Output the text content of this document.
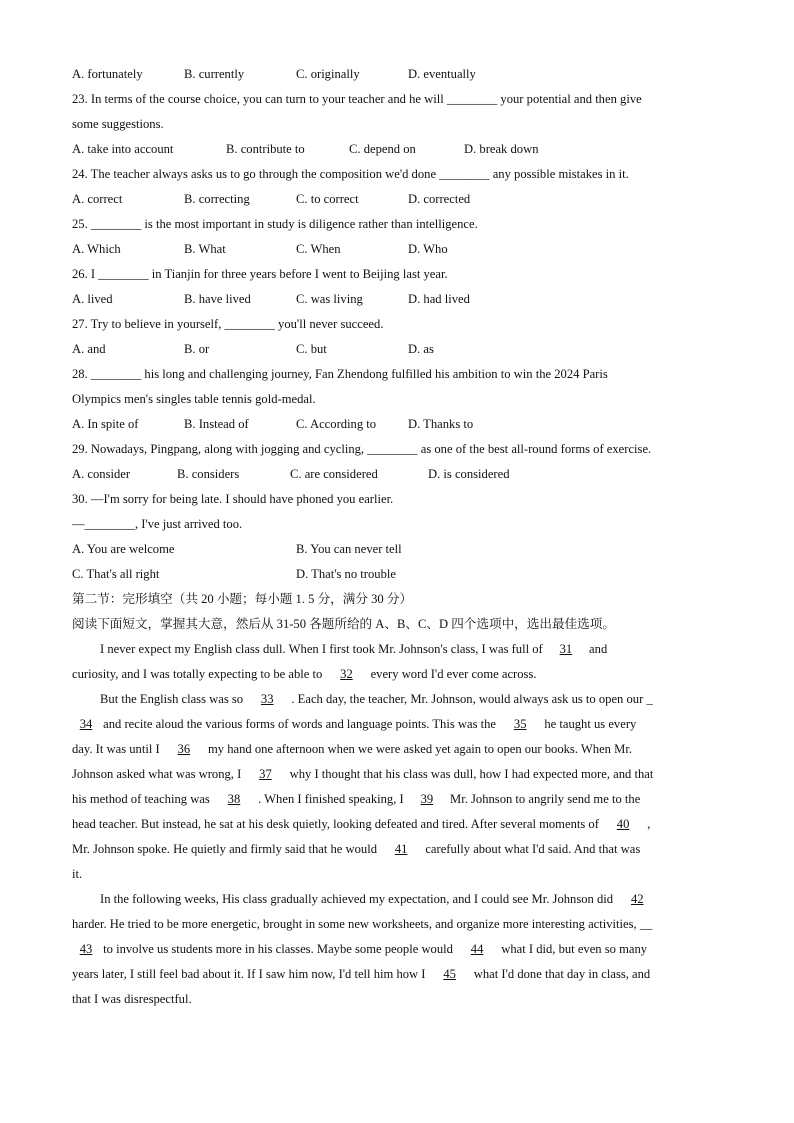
A. fortunately	B. currently	C. originally	D. eventually
23. In terms of the course choice, you can turn to your teacher and he will ________ your potential and then give
some suggestions.
A. take into account	B. contribute to	C. depend on	D. break down
24. The teacher always asks us to go through the composition we'd done ________ any possible mistakes in it.
A. correct	B. correcting	C. to correct	D. corrected
25. ________ is the most important in study is diligence rather than intelligence.
A. Which	B. What	C. When	D. Who
26. I ________ in Tianjin for three years before I went to Beijing last year.
A. lived	B. have lived	C. was living	D. had lived
27. Try to believe in yourself, ________ you'll never succeed.
A. and	B. or	C. but	D. as
28. ________ his long and challenging journey, Fan Zhendong fulfilled his ambition to win the 2024 Paris
Olympics men's singles table tennis gold-medal.
A. In spite of	B. Instead of	C. According to	D. Thanks to
29. Nowadays, Pingpang, along with jogging and cycling, ________ as one of the best all-round forms of exercise.
A. consider	B. considers	C. are considered	D. is considered
30. —I'm sorry for being late. I should have phoned you earlier.
—________, I've just arrived too.
A. You are welcome	B. You can never tell
C. That's all right	D. That's no trouble
第二节：完形填空（共 20 小题；每小题 1. 5 分，满分 30 分）
阅读下面短文，掌握其大意，然后从 31-50 各题所给的 A、B、C、D 四个选项中，选出最佳选项。
I never expect my English class dull. When I first took Mr. Johnson's class, I was full of 31 and
curiosity, and I was totally expecting to be able to 32 every word I'd ever come across.
But the English class was so 33 . Each day, the teacher, Mr. Johnson, would always ask us to open our _
34 and recite aloud the various forms of words and language points. This was the 35 he taught us every
day. It was until I 36 my hand one afternoon when we were asked yet again to open our books. When Mr.
Johnson asked what was wrong, I 37 why I thought that his class was dull, how I had expected more, and that
his method of teaching was 38 . When I finished speaking, I 39 Mr. Johnson to angrily send me to the
head teacher. But instead, he sat at his desk quietly, looking defeated and tired. After several moments of 40 ,
Mr. Johnson spoke. He quietly and firmly said that he would 41 carefully about what I'd said. And that was
it.
In the following weeks, His class gradually achieved my expectation, and I could see Mr. Johnson did 42
harder. He tried to be more energetic, brought in some new worksheets, and organize more interesting activities, __
43 to involve us students more in his classes. Maybe some people would 44 what I did, but even so many
years later, I still feel bad about it. If I saw him now, I'd tell him how I 45 what I'd done that day in class, and
that I was disrespectful.
